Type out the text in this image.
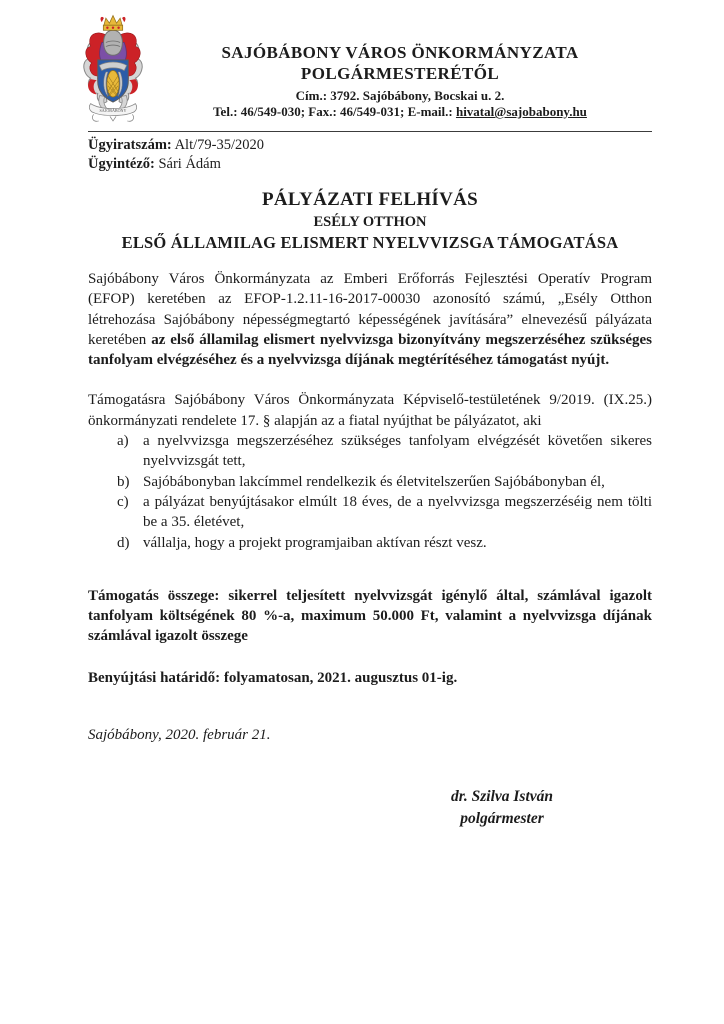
SAJÓBÁBONY
SAJÓBÁBONY VÁROS ÖNKORMÁNYZATA
POLGÁRMESTERÉTŐL
Cím.: 3792. Sajóbábony, Bocskai u. 2.
Tel.: 46/549-030; Fax.: 46/549-031; E-mail.: hivatal@sajobabony.hu
Ügyiratszám: Alt/79-35/2020
Ügyintéző: Sári Ádám
PÁLYÁZATI FELHÍVÁS
ESÉLY OTTHON
ELSŐ ÁLLAMILAG ELISMERT NYELVVIZSGA TÁMOGATÁSA

Sajóbábony Város Önkormányzata az Emberi Erőforrás Fejlesztési Operatív Program (EFOP) keretében az EFOP-1.2.11-16-2017-00030 azonosító számú, „Esély Otthon létrehozása Sajóbábony népességmegtartó képességének javítására” elnevezésű pályázata keretében az első államilag elismert nyelvvizsga bizonyítvány megszerzéséhez szükséges tanfolyam elvégzéséhez és a nyelvvizsga díjának megtérítéséhez támogatást nyújt.

Támogatásra Sajóbábony Város Önkormányzata Képviselő-testületének 9/2019. (IX.25.) önkormányzati rendelete 17. § alapján az a fiatal nyújthat be pályázatot, aki

a nyelvvizsga megszerzéséhez szükséges tanfolyam elvégzését követően sikeres nyelvvizsgát tett,
Sajóbábonyban lakcímmel rendelkezik és életvitelszerűen Sajóbábonyban él,
a pályázat benyújtásakor elmúlt 18 éves, de a nyelvvizsga megszerzéséig nem tölti be a 35. életévet,
vállalja, hogy a projekt programjaiban aktívan részt vesz.

Támogatás összege: sikerrel teljesített nyelvvizsgát igénylő által, számlával igazolt tanfolyam költségének 80 %-a, maximum 50.000 Ft, valamint a nyelvvizsga díjának számlával igazolt összege

Benyújtási határidő: folyamatosan, 2021. augusztus 01-ig.

Sajóbábony, 2020. február 21.
dr. Szilva István
polgármester
